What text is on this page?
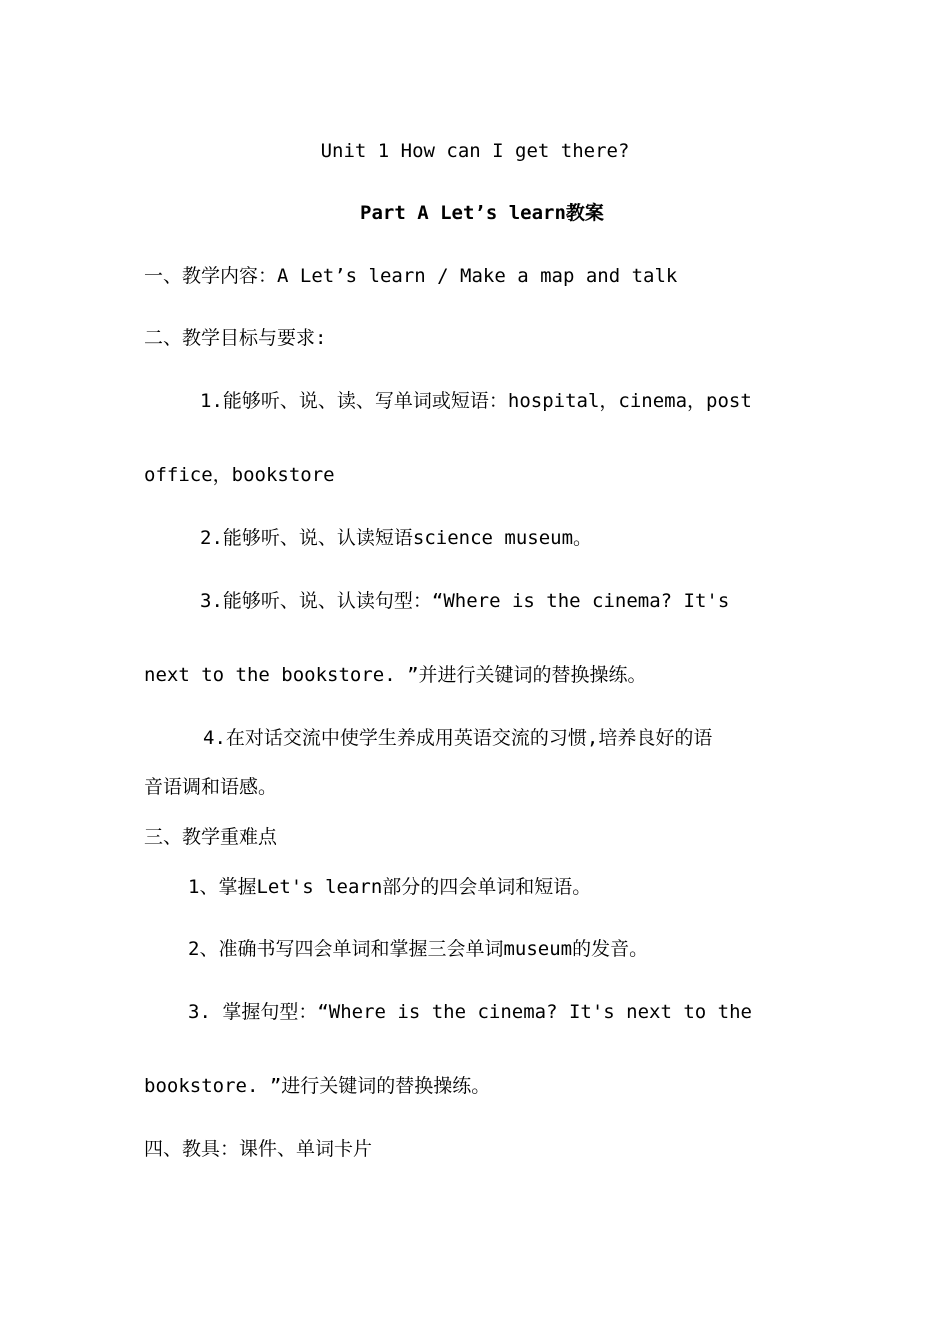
Unit 1 How can I get there?
Part A Let’s learn教案
一、教学内容：A Let’s learn / Make a map and talk
二、教学目标与要求:
1.能够听、说、读、写单词或短语：hospital，cinema，post
office，bookstore
2.能够听、说、认读短语science museum。
3.能够听、说、认读句型：“Where is the cinema? It's
next to the bookstore. ”并进行关键词的替换操练。
4.在对话交流中使学生养成用英语交流的习惯,培养良好的语
音语调和语感。
三、教学重难点
1、掌握Let's learn部分的四会单词和短语。
2、准确书写四会单词和掌握三会单词museum的发音。
3. 掌握句型：“Where is the cinema? It's next to the
bookstore. ”进行关键词的替换操练。
四、教具：课件、单词卡片
